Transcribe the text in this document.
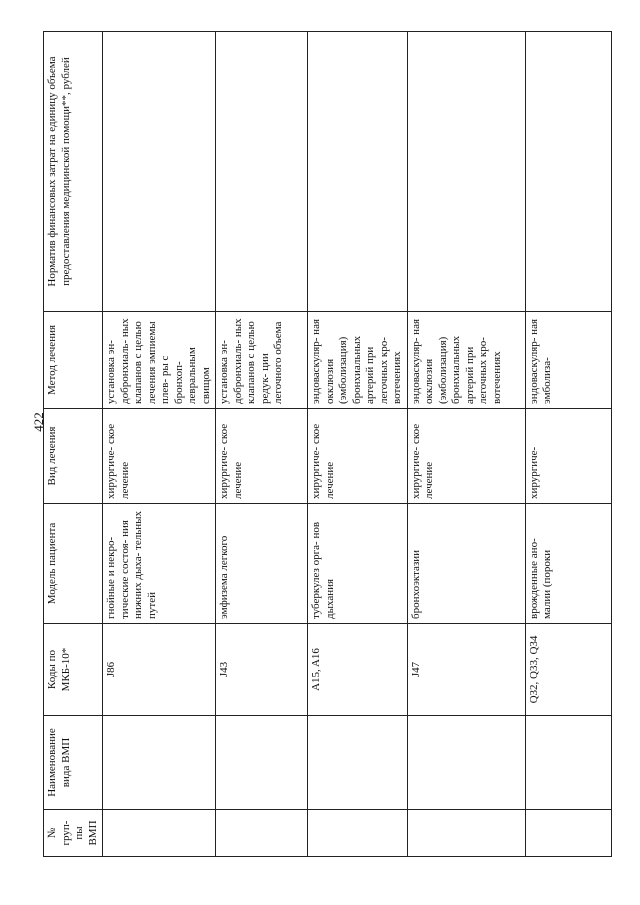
422
№ груп- пы ВМП	Наименование вида ВМП	Коды по МКБ-10*	Модель пациента	Вид лечения	Метод лечения	Норматив финансовых затрат на единицу объема предоставления медицинской помощи**, рублей
		J86	гнойные и некро- тические состоя- ния нижних дыха- тельных путей	хирургиче- ское лечение	установка эн- добронхиаль- ных клапанов с целью лечения эмпиемы плев- ры с бронхоп- левральным свищом	
		J43	эмфизема легкого	хирургиче- ское лечение	установка эн- добронхиаль- ных клапанов с целью редук- ции легочного объема	
		A15, A16	туберкулез орга- нов дыхания	хирургиче- ское лечение	эндоваскуляр- ная окклюзия (эмболизация) бронхиальных артерий при легочных кро- вотечениях	
		J47	бронхоэктазии	хирургиче- ское лечение	эндоваскуляр- ная окклюзия (эмболизация) бронхиальных артерий при легочных кро- вотечениях	
		Q32, Q33, Q34	врожденные ано- малии (пороки	хирургиче-	эндоваскуляр- ная эмболиза-	
